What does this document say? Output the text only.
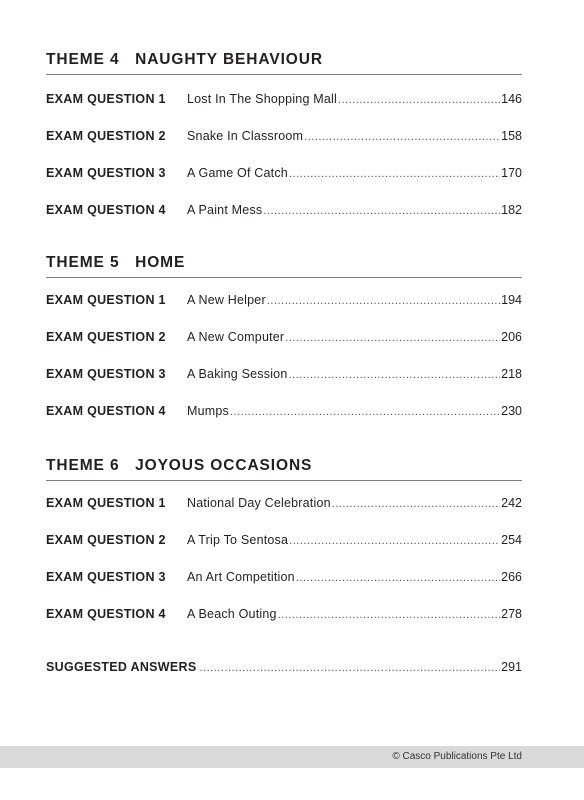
THEME 4   NAUGHTY BEHAVIOUR
EXAM QUESTION 1	Lost In The Shopping Mall .....	146
EXAM QUESTION 2	Snake In Classroom .....	158
EXAM QUESTION 3	A Game Of Catch .....	170
EXAM QUESTION 4	A Paint Mess .....	182
THEME 5   HOME
EXAM QUESTION 1	A New Helper .....	194
EXAM QUESTION 2	A New Computer .....	206
EXAM QUESTION 3	A Baking Session .....	218
EXAM QUESTION 4	Mumps .....	230
THEME 6   JOYOUS OCCASIONS
EXAM QUESTION 1	National Day Celebration .....	242
EXAM QUESTION 2	A Trip To Sentosa .....	254
EXAM QUESTION 3	An Art Competition .....	266
EXAM QUESTION 4	A Beach Outing .....	278
SUGGESTED ANSWERS .....	291
© Casco Publications Pte Ltd
